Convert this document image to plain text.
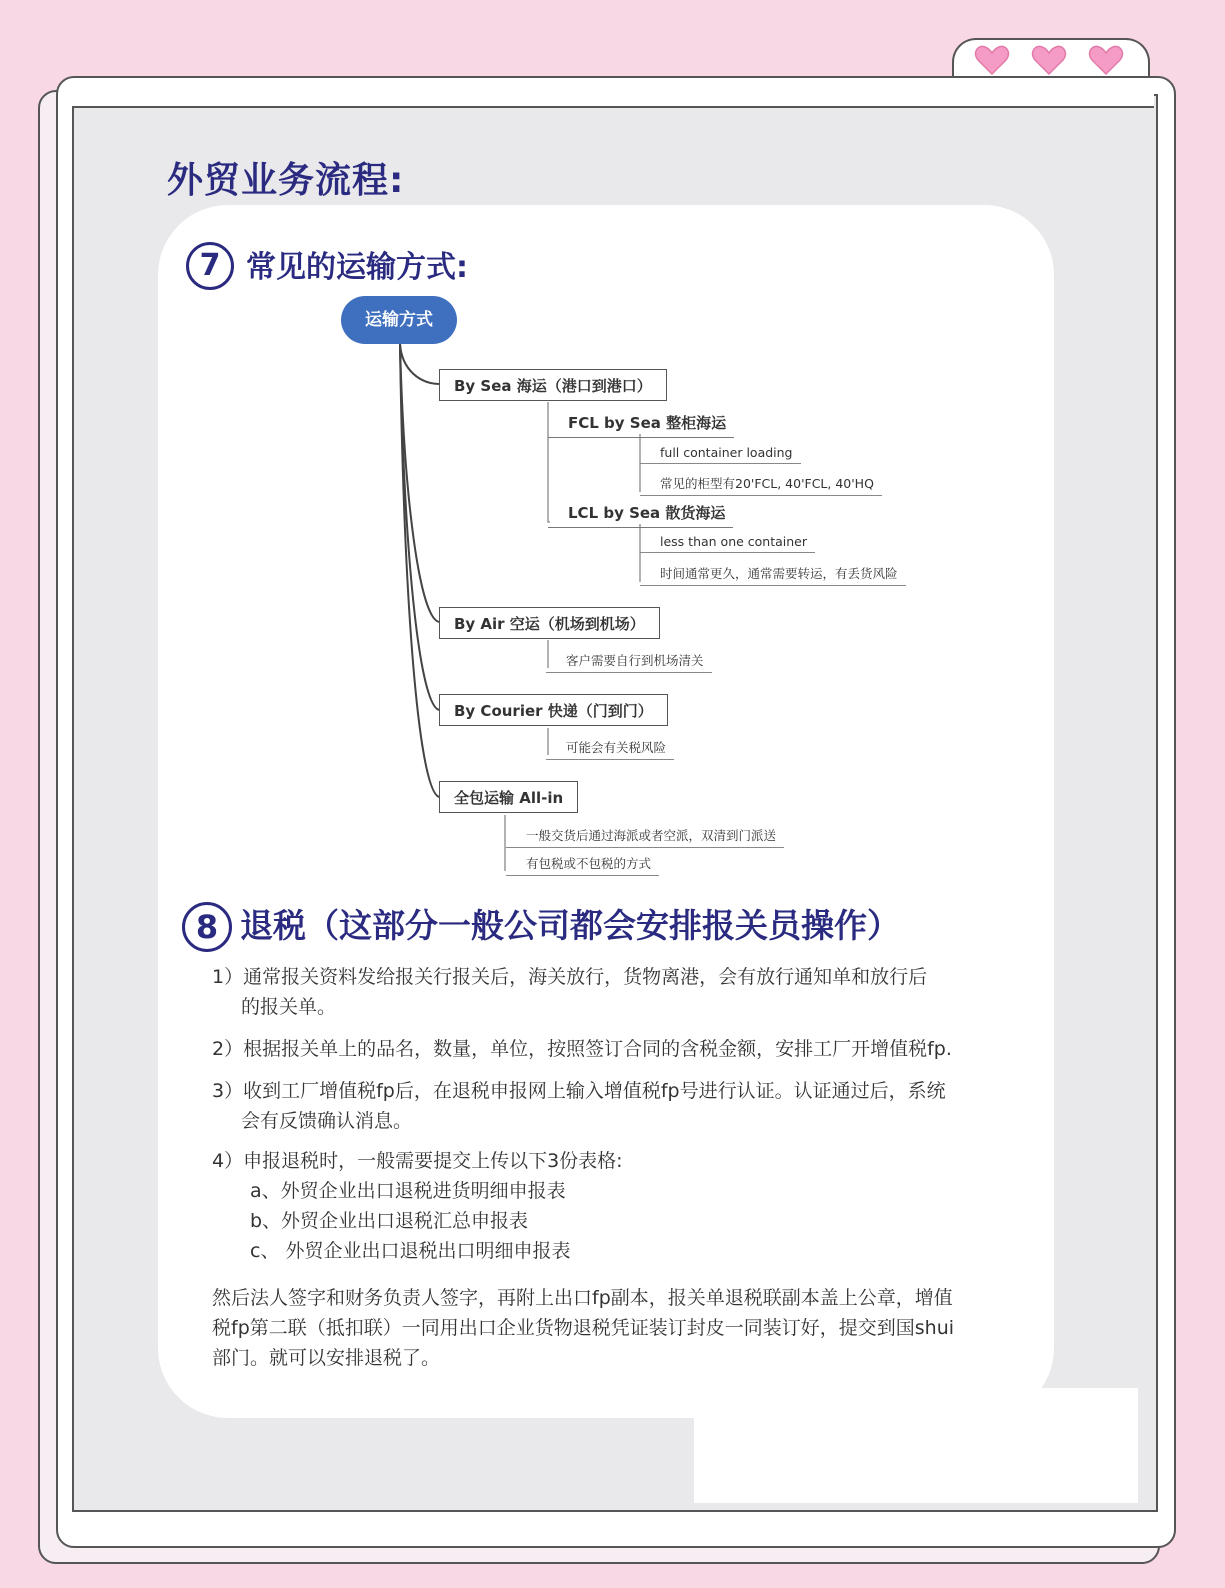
外贸业务流程:
7 常见的运输方式:
运输方式
By Sea 海运（港口到港口）
FCL by Sea 整柜海运
full container loading
常见的柜型有20'FCL, 40'FCL, 40'HQ
LCL by Sea 散货海运
less than one container
时间通常更久，通常需要转运，有丢货风险
By Air 空运（机场到机场）
客户需要自行到机场清关
By Courier 快递（门到门）
可能会有关税风险
全包运输 All-in
一般交货后通过海派或者空派，双清到门派送
有包税或不包税的方式
8 退税（这部分一般公司都会安排报关员操作）
1）通常报关资料发给报关行报关后，海关放行，货物离港，会有放行通知单和放行后
的报关单。
2）根据报关单上的品名，数量，单位，按照签订合同的含税金额，安排工厂开增值税fp.
3）收到工厂增值税fp后，在退税申报网上输入增值税fp号进行认证。认证通过后，系统
会有反馈确认消息。
4）申报退税时，一般需要提交上传以下3份表格:
a、外贸企业出口退税进货明细申报表
b、外贸企业出口退税汇总申报表
c、 外贸企业出口退税出口明细申报表
然后法人签字和财务负责人签字，再附上出口fp副本，报关单退税联副本盖上公章，增值
税fp第二联（抵扣联）一同用出口企业货物退税凭证装订封皮一同装订好，提交到国shui
部门。就可以安排退税了。
